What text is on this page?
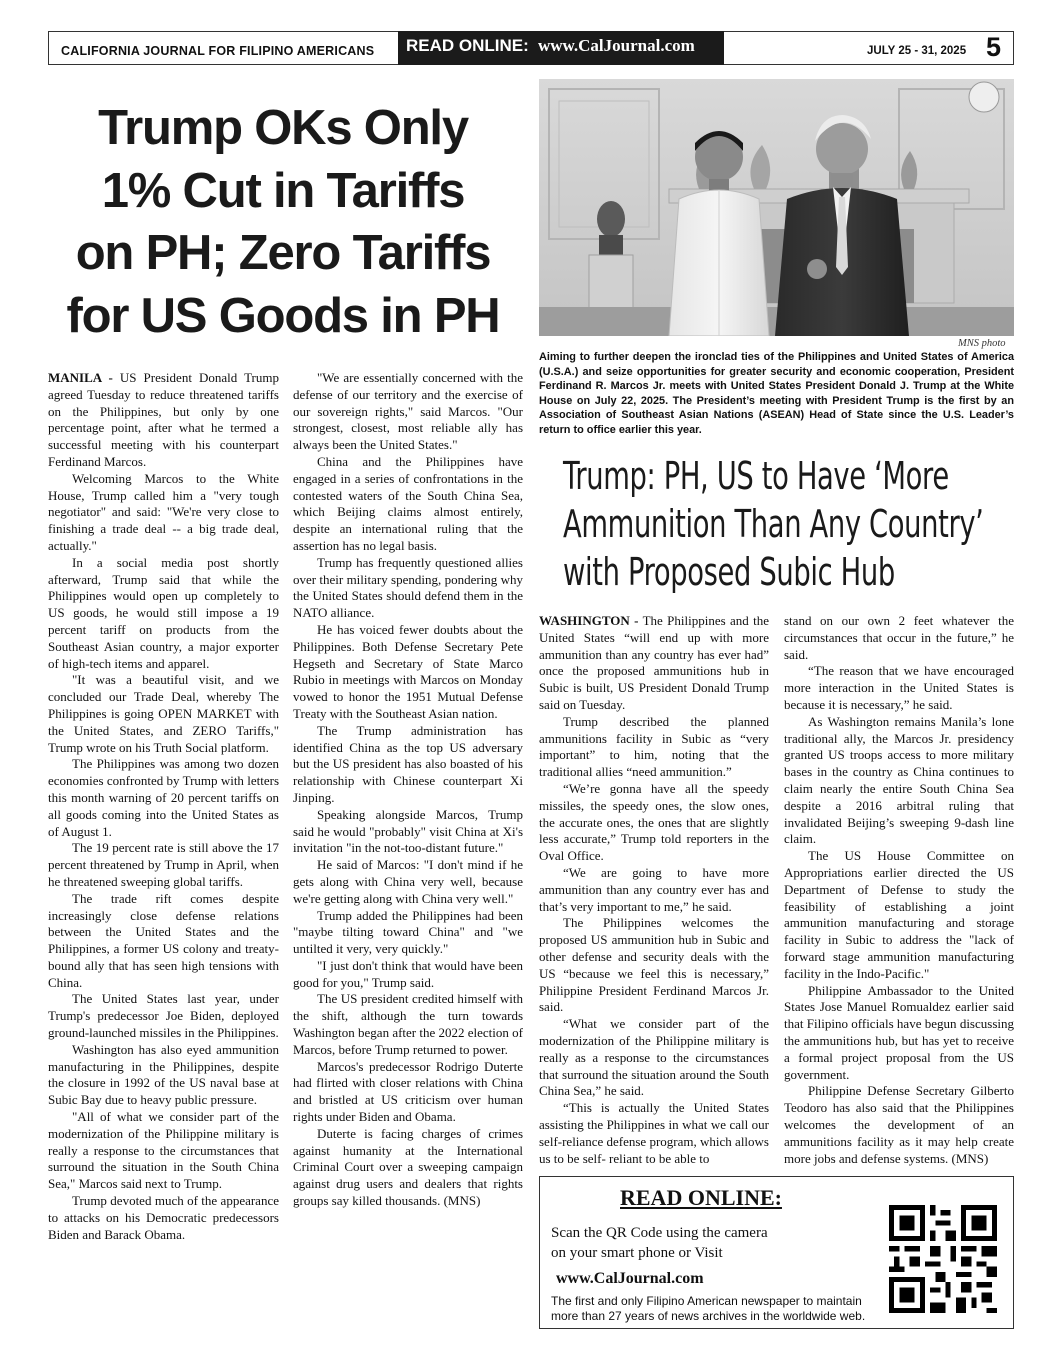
CALIFORNIA JOURNAL FOR FILIPINO AMERICANS READ ONLINE: www.CalJournal.com	JULY 25 - 31, 2025 5
Trump OKs Only
1% Cut in Tariffs
on PH; Zero Tariffs
for US Goods in PH
MNS photo
Aiming to further deepen the ironclad ties of the Philippines and United States of America (U.S.A.) and seize opportunities for greater security and economic cooperation, President Ferdinand R. Marcos Jr. meets with United States President Donald J. Trump at the White House on July 22, 2025. The President’s meeting with President Trump is the first by an Association of Southeast Asian Nations (ASEAN) Head of State since the U.S. Leader’s return to office earlier this year.
Trump: PH, US to Have ‘More
Ammunition Than Any Country’
with Proposed Subic Hub

MANILA - US President Donald Trump agreed Tuesday to reduce threatened tariffs on the Philippines, but only by one percentage point, after what he termed a successful meeting with his counterpart Ferdinand Marcos.

Welcoming Marcos to the White House, Trump called him a "very tough negotiator" and said: "We're very close to finishing a trade deal -- a big trade deal, actually."

In a social media post shortly afterward, Trump said that while the Philippines would open up completely to US goods, he would still impose a 19 percent tariff on products from the Southeast Asian country, a major exporter of high-tech items and apparel.

"It was a beautiful visit, and we concluded our Trade Deal, whereby The Philippines is going OPEN MARKET with the United States, and ZERO Tariffs," Trump wrote on his Truth Social platform.

The Philippines was among two dozen economies confronted by Trump with letters this month warning of 20 percent tariffs on all goods coming into the United States as of August 1.

The 19 percent rate is still above the 17 percent threatened by Trump in April, when he threatened sweeping global tariffs.

The trade rift comes despite increasingly close defense relations between the United States and the Philippines, a former US colony and treaty-bound ally that has seen high tensions with China.

The United States last year, under Trump's predecessor Joe Biden, deployed ground-launched missiles in the Philippines.

Washington has also eyed ammunition manufacturing in the Philippines, despite the closure in 1992 of the US naval base at Subic Bay due to heavy public pressure.

"All of what we consider part of the modernization of the Philippine military is really a response to the circumstances that surround the situation in the South China Sea," Marcos said next to Trump.

Trump devoted much of the appearance to attacks on his Democratic predecessors Biden and Barack Obama.

"We are essentially concerned with the defense of our territory and the exercise of our sovereign rights," said Marcos. "Our strongest, closest, most reliable ally has always been the United States."

China and the Philippines have engaged in a series of confrontations in the contested waters of the South China Sea, which Beijing claims almost entirely, despite an international ruling that the assertion has no legal basis.

Trump has frequently questioned allies over their military spending, pondering why the United States should defend them in the NATO alliance.

He has voiced fewer doubts about the Philippines. Both Defense Secretary Pete Hegseth and Secretary of State Marco Rubio in meetings with Marcos on Monday vowed to honor the 1951 Mutual Defense Treaty with the Southeast Asian nation.

The Trump administration has identified China as the top US adversary but the US president has also boasted of his relationship with Chinese counterpart Xi Jinping.

Speaking alongside Marcos, Trump said he would "probably" visit China at Xi's invitation "in the not-too-distant future."

He said of Marcos: "I don't mind if he gets along with China very well, because we're getting along with China very well."

Trump added the Philippines had been "maybe tilting toward China" and "we untilted it very, very quickly."

"I just don't think that would have been good for you," Trump said.

The US president credited himself with the shift, although the turn towards Washington began after the 2022 election of Marcos, before Trump returned to power.

Marcos's predecessor Rodrigo Duterte had flirted with closer relations with China and bristled at US criticism over human rights under Biden and Obama.

Duterte is facing charges of crimes against humanity at the International Criminal Court over a sweeping campaign against drug users and dealers that rights groups say killed thousands. (MNS)

WASHINGTON - The Philippines and the United States “will end up with more ammunition than any country has ever had” once the proposed ammunitions hub in Subic is built, US President Donald Trump said on Tuesday.

Trump described the planned ammunitions facility in Subic as “very important” to him, noting that the traditional allies “need ammunition.”

“We’re gonna have all the speedy missiles, the speedy ones, the slow ones, the accurate ones, the ones that are slightly less accurate,” Trump told reporters in the Oval Office.

“We are going to have more ammunition than any country ever has and that’s very important to me,” he said.

The Philippines welcomes the proposed US ammunition hub in Subic and other defense and security deals with the US “because we feel this is necessary,” Philippine President Ferdinand Marcos Jr. said.

“What we consider part of the modernization of the Philippine military is really as a response to the circumstances that surround the situation around the South China Sea,” he said.

“This is actually the United States assisting the Philippines in what we call our self-reliance defense program, which allows us to be self- reliant to be able to

stand on our own 2 feet whatever the circumstances that occur in the future,” he said.

“The reason that we have encouraged more interaction in the United States is because it is necessary,” he said.

As Washington remains Manila’s lone traditional ally, the Marcos Jr. presidency granted US troops access to more military bases in the country as China continues to claim nearly the entire South China Sea despite a 2016 arbitral ruling that invalidated Beijing’s sweeping 9-dash line claim.

The US House Committee on Appropriations earlier directed the US Department of Defense to study the feasibility of establishing a joint ammunition manufacturing and storage facility in Subic to address the "lack of forward stage ammunition manufacturing facility in the Indo-Pacific."

Philippine Ambassador to the United States Jose Manuel Romualdez earlier said that Filipino officials have begun discussing the ammunitions hub, but has yet to receive a formal project proposal from the US government.

Philippine Defense Secretary Gilberto Teodoro has also said that the Philippines welcomes the development of an ammunitions facility as it may help create more jobs and defense systems. (MNS)

READ ONLINE:
Scan the QR Code using the camera
on your smart phone or Visit
www.CalJournal.com
The first and only Filipino American newspaper to maintain
more than 27 years of news archives in the worldwide web.
